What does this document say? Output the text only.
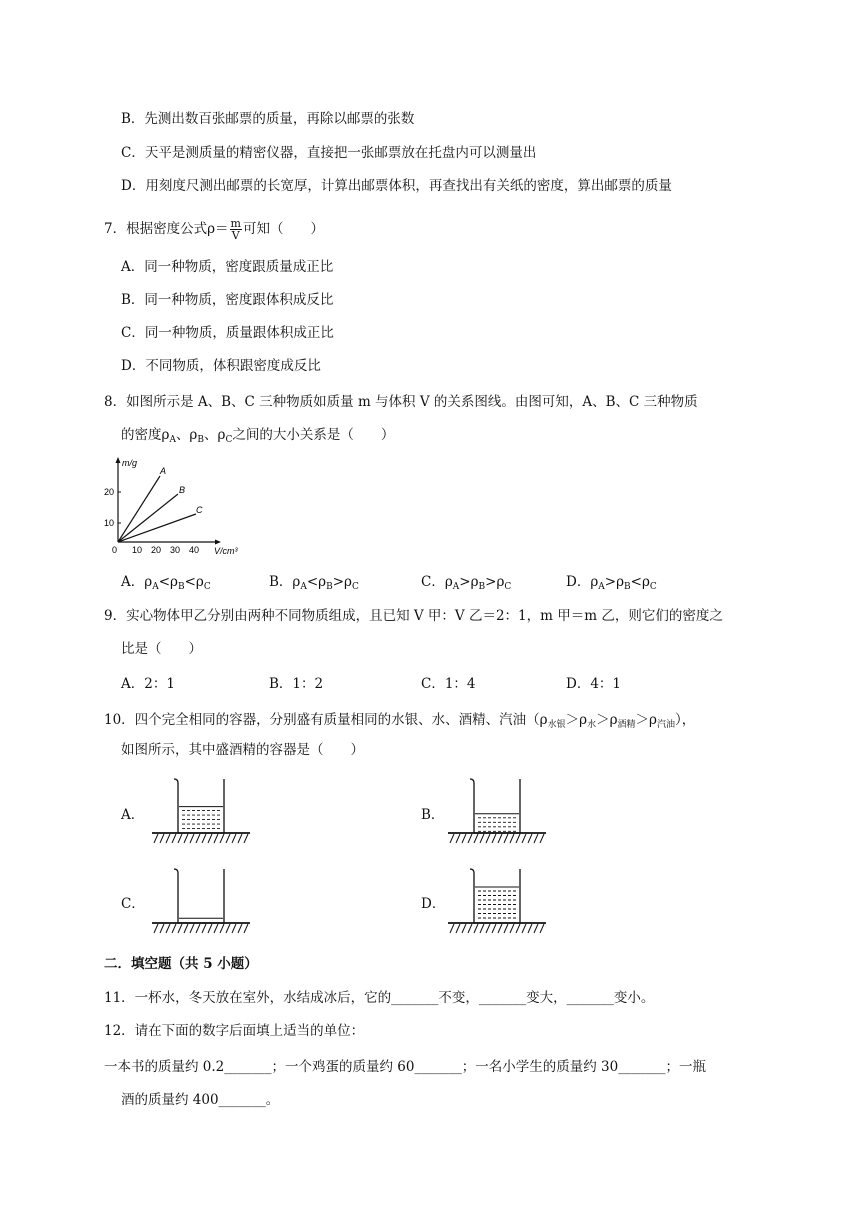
B．先测出数百张邮票的质量，再除以邮票的张数
C．天平是测质量的精密仪器，直接把一张邮票放在托盘内可以测量出
D．用刻度尺测出邮票的长宽厚，计算出邮票体积，再查找出有关纸的密度，算出邮票的质量
7．根据密度公式$\rho= \frac{m}{V}$ 可知（　　）
A．同一种物质，密度跟质量成正比
B．同一种物质，密度跟体积成反比
C．同一种物质，质量跟体积成正比
D．不同物质，体积跟密度成反比
8．如图所示是 A、B、C 三种物质如质量 m 与体积 V 的关系图线。由图可知，A、B、C 三种物质
的密度$\rho_A$、$\rho_B$、$\rho_C$之间的大小关系是（　　）
m/g
V/cm³
10
20
0 10 20 30 40
A
B
C
A．$\rho_A<\rho_B<\rho_C$	B．$\rho_A<\rho_B>\rho_C$	C．$\rho_A>\rho_B>\rho_C$	D．$\rho_A>\rho_B<\rho_C$
9．实心物体甲乙分别由两种不同物质组成，且已知 V 甲：V 乙＝2：1，m 甲＝m 乙，则它们的密度之
比是（　　）
A．2：1	B．1：2	C．1：4	D．4：1
10．四个完全相同的容器，分别盛有质量相同的水银、水、酒精、汽油$(\rho_{水银}>\rho_水>\rho_{酒精}>\rho_{汽油})$，
如图所示，其中盛酒精的容器是（　　）
A．	B．
C．	D．
二．填空题（共 5 小题）
11．一杯水，冬天放在室外，水结成冰后，它的_______不变，_______变大，_______变小。
12．请在下面的数字后面填上适当的单位：
一本书的质量约 0.2_______；一个鸡蛋的质量约 60_______；一名小学生的质量约 30_______；一瓶
酒的质量约 400_______。
